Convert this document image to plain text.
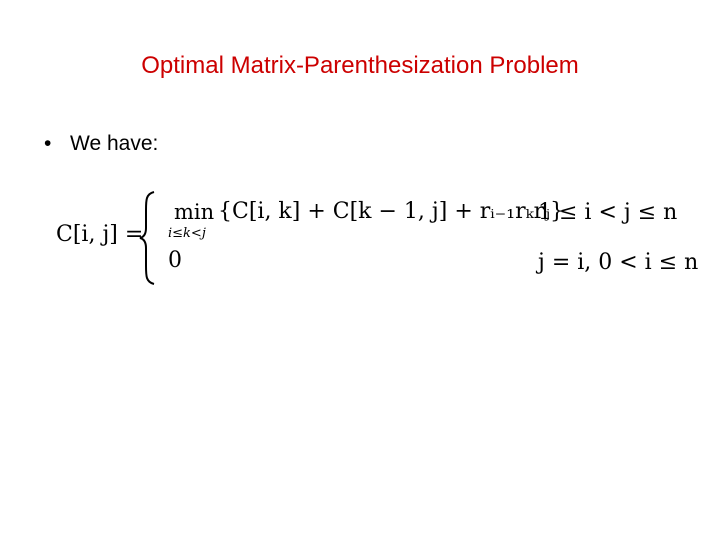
Optimal Matrix-Parenthesization Problem
• We have:
C[i, j] =
min
i≤k<j
{C[i, k] + C[k − 1, j] + rᵢ₋₁rₖrⱼ}
0
1 ≤ i < j ≤ n
j = i, 0 < i ≤ n
